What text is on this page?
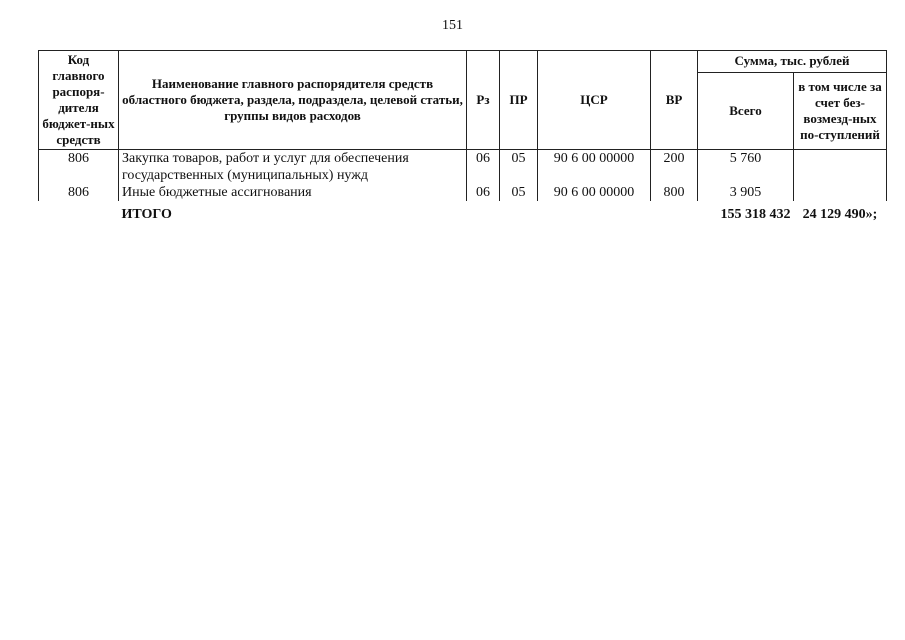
151
Код главного распоря-дителя бюджет-ных средств	Наименование главного распорядителя средств областного бюджета, раздела, подраздела, целевой статьи, группы видов расходов	Рз	ПР	ЦСР	ВР	Сумма, тыс. рублей	
						Всего	в том числе за счет без-возмезд-ных по-ступлений
806	Закупка товаров, работ и услуг для обеспечения государственных (муниципальных) нужд	06	05	90 6 00 00000	200	5 760	
806	Иные бюджетные ассигнования	06	05	90 6 00 00000	800	3 905	
	ИТОГО					155 318 432	24 129 490»;
